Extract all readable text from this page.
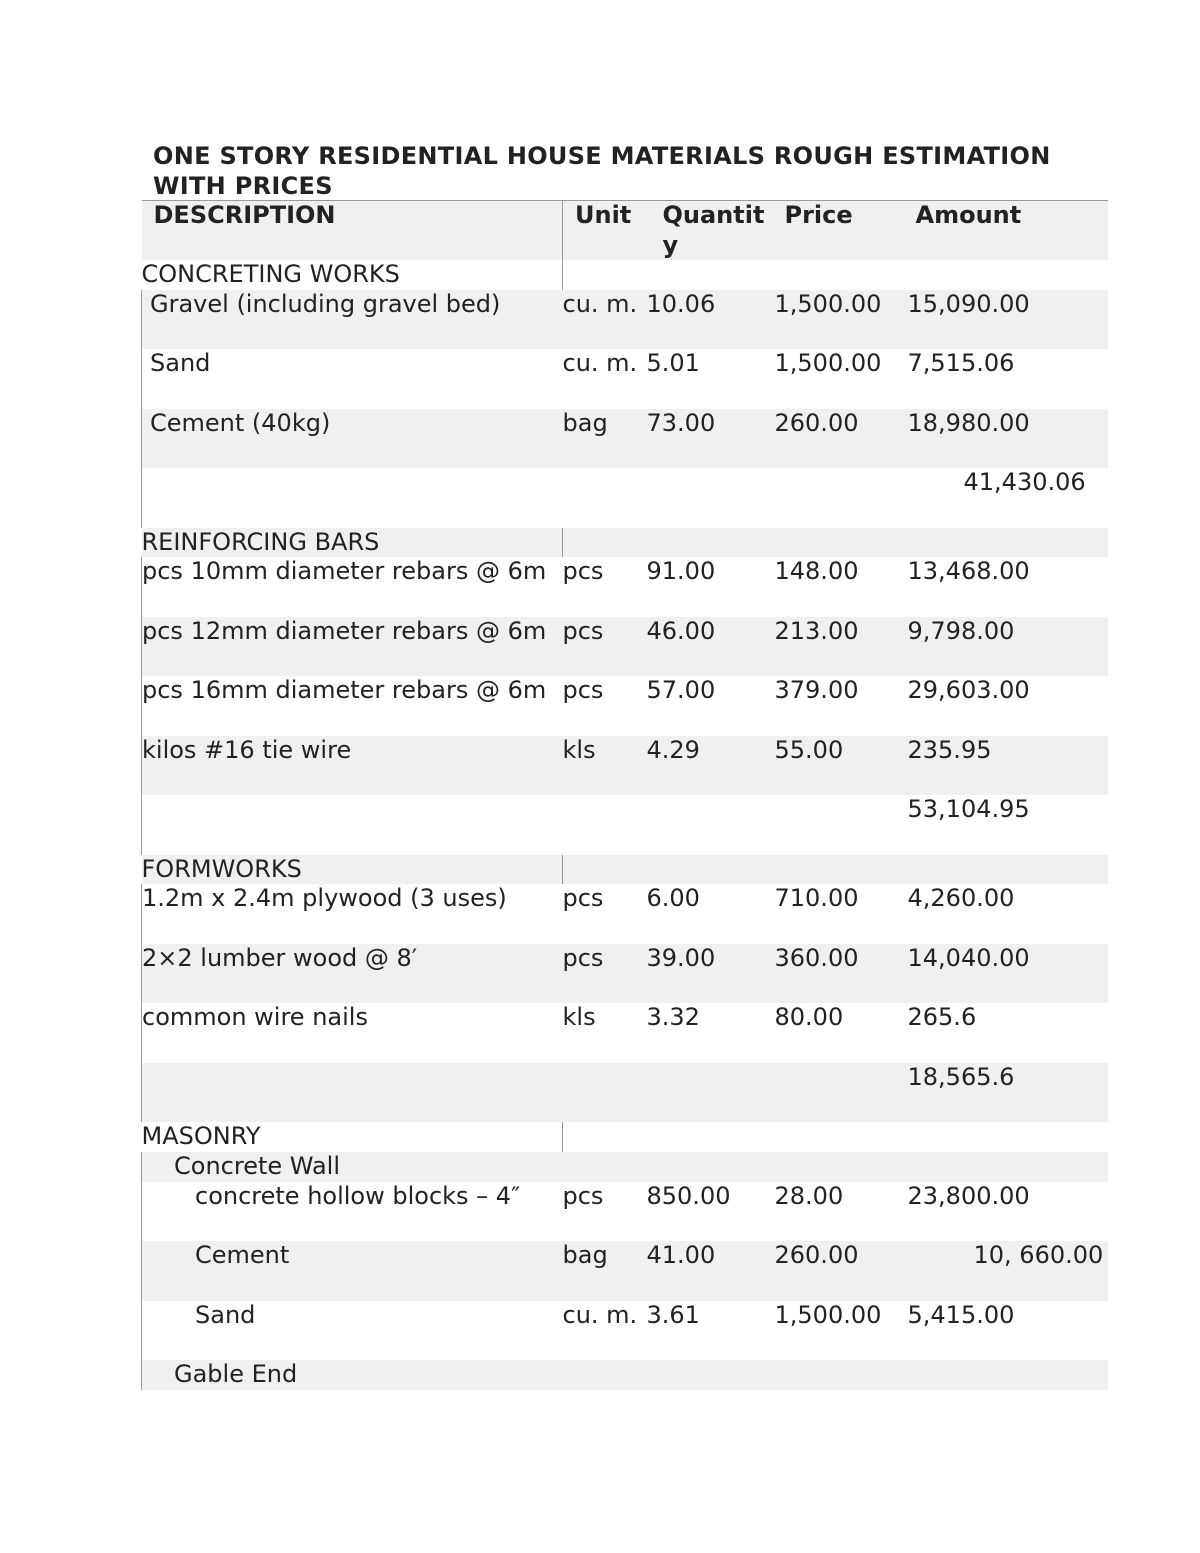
ONE STORY RESIDENTIAL HOUSE MATERIALS ROUGH ESTIMATION WITH PRICES
DESCRIPTION	Unit	Quantity	Price	Amount
CONCRETING WORKS				
Gravel (including gravel bed)	cu. m.	10.06	1,500.00	15,090.00
Sand	cu. m.	5.01	1,500.00	7,515.06
Cement (40kg)	bag	73.00	260.00	18,980.00
				41,430.06
REINFORCING BARS				
pcs 10mm diameter rebars @ 6m	pcs	91.00	148.00	13,468.00
pcs 12mm diameter rebars @ 6m	pcs	46.00	213.00	9,798.00
pcs 16mm diameter rebars @ 6m	pcs	57.00	379.00	29,603.00
kilos #16 tie wire	kls	4.29	55.00	235.95
				53,104.95
FORMWORKS				
1.2m x 2.4m plywood (3 uses)	pcs	6.00	710.00	4,260.00
2×2 lumber wood @ 8′	pcs	39.00	360.00	14,040.00
common wire nails	kls	3.32	80.00	265.6
				18,565.6
MASONRY				
Concrete Wall				
concrete hollow blocks – 4″	pcs	850.00	28.00	23,800.00
Cement	bag	41.00	260.00	10, 660.00
Sand	cu. m.	3.61	1,500.00	5,415.00
Gable End				
